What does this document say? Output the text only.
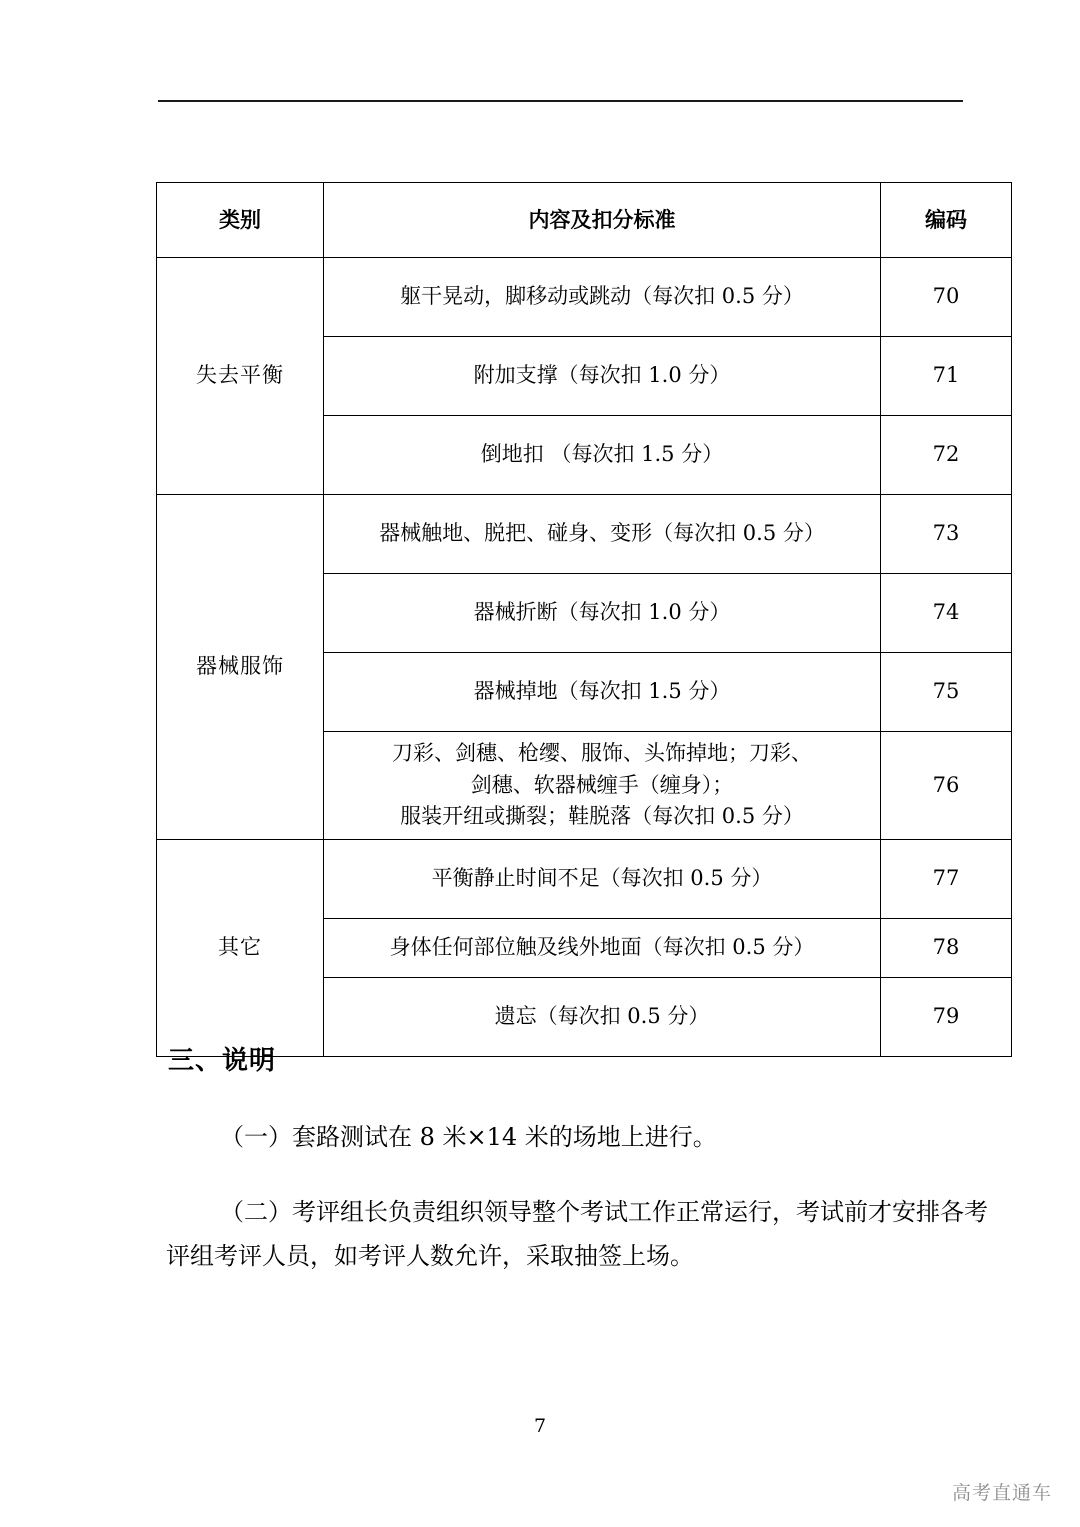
类别	内容及扣分标准	编码
失去平衡	躯干晃动，脚移动或跳动（每次扣 0.5 分）	70
	附加支撑（每次扣 1.0 分）	71
	倒地扣 （每次扣 1.5 分）	72
器械服饰	器械触地、脱把、碰身、变形（每次扣 0.5 分）	73
	器械折断（每次扣 1.0 分）	74
	器械掉地（每次扣 1.5 分）	75

	刀彩、剑穗、枪缨、服饰、头饰掉地；刀彩、
剑穗、软器械缠手（缠身）；
服装开纽或撕裂；鞋脱落（每次扣 0.5 分）	76
其它	平衡静止时间不足（每次扣 0.5 分）	77
	身体任何部位触及线外地面（每次扣 0.5 分）	78
	遗忘（每次扣 0.5 分）	79
三、说明
（一）套路测试在 8 米×14 米的场地上进行。
（二）考评组长负责组织领导整个考试工作正常运行，考试前才安排各考评组考评人员，如考评人数允许，采取抽签上场。
7
高考直通车
